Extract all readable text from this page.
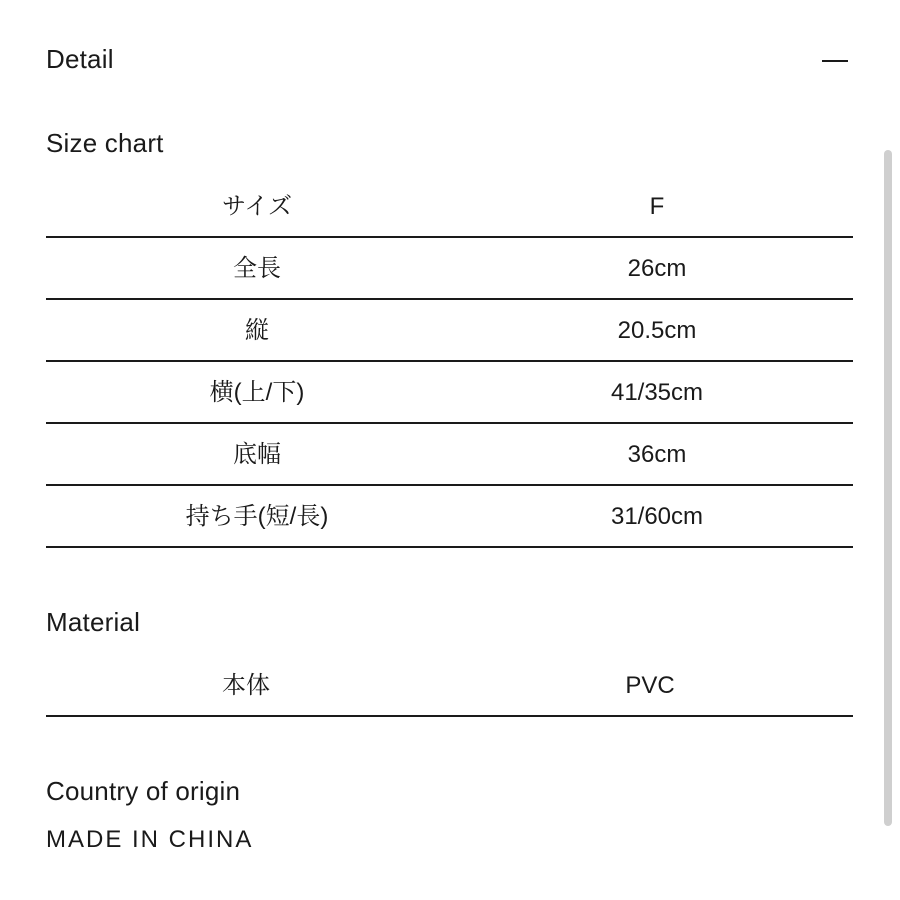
Detail
Size chart
サイズ	F
全長	26cm
縦	20.5cm
横(上/下)	41/35cm
底幅	36cm
持ち手(短/長)	31/60cm
Material
本体	PVC
Country of origin
MADE IN CHINA
